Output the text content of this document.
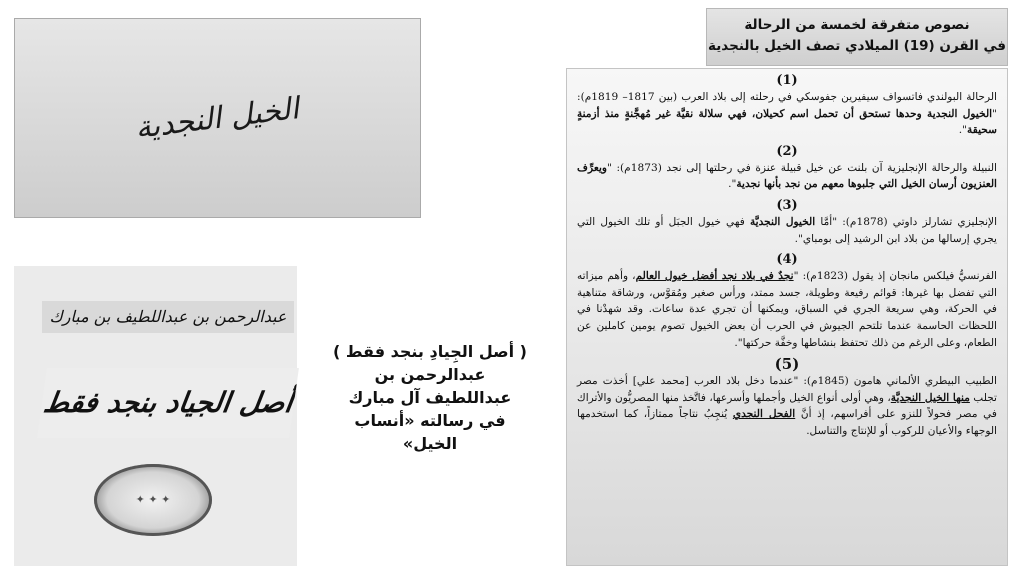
نصوص متفرقة لخمسة من الرحالة
في القرن (19) الميلادي تصف الخيل بالنجدية
(1)
الرحالة البولندي فاتسواف سيفيرين جفوسكي في رحلته إلى بلاد العرب (بين 1817– 1819م): "الخيول النجدية وحدها تستحق أن تحمل اسم كحيلان، فهي سلالة نقيَّة غير مُهجَّنةٍ منذ أزمنةٍ سحيقة".
(2)
النبيلة والرحالة الإنجليزية آن بلنت عن خيل قبيلة عنزة في رحلتها إلى نجد (1873م): "ويعرِّف العنزيون أرسان الخيل التي جلبوها معهم من نجد بأنها نجدية".
(3)
الإنجليزي تشارلز داوتي (1878م): "أمَّا الخيول النجديَّة فهي خيول الجبَل أو تلك الخيول التي يجري إرسالها من بلاد ابن الرشيد إلى بومباي".
(4)
الفرنسيُّ فيلكس مانجان إذ يقول (1823م): "نجدٌ في بلاد نجد أفضل خيول العالم، وأهم ميزاته التي تفضل بها غيرها: قوائم رفيعة وطويلة، جسد ممتد، ورأس صغير ومُقوَّس، ورشاقة متناهية في الحركة، وهي سريعة الجري في السباق، ويمكنها أن تجري عدة ساعات. وقد شهدْنا في اللحظات الحاسمة عندما تلتحم الجيوش في الحرب أن بعض الخيول تصوم يومين كاملين عن الطعام، وعلى الرغم من ذلك تحتفظ بنشاطها وخفَّة حركتها".
(5)
الطبيب البيطري الألماني هامون (1845م): "عندما دخل بلاد العرب [محمد علي] أخذت مصر تجلب منها الخيل النجديَّة، وهي أولى أنواع الخيل وأجملها وأسرعها، فاتَّخذ منها المصريُّون والأتراك في مصر فحولاً للنزو على أفراسهم، إذ أنَّ الفحل النجدي يُنجِبُ نتاجاً ممتازاً، كما استخدمها الوجهاء والأعيان للركوب أو للإنتاج والتناسل.
الخيل النجدية
عبدالرحمن بن عبداللطيف بن مبارك
أصل الجياد بنجد فقط
✦ ✦ ✦
( أصل الجِيادِ بنجد فقط )
عبدالرحمن بن
عبداللطيف آل مبارك
في رسالته «أنساب
الخيل»
